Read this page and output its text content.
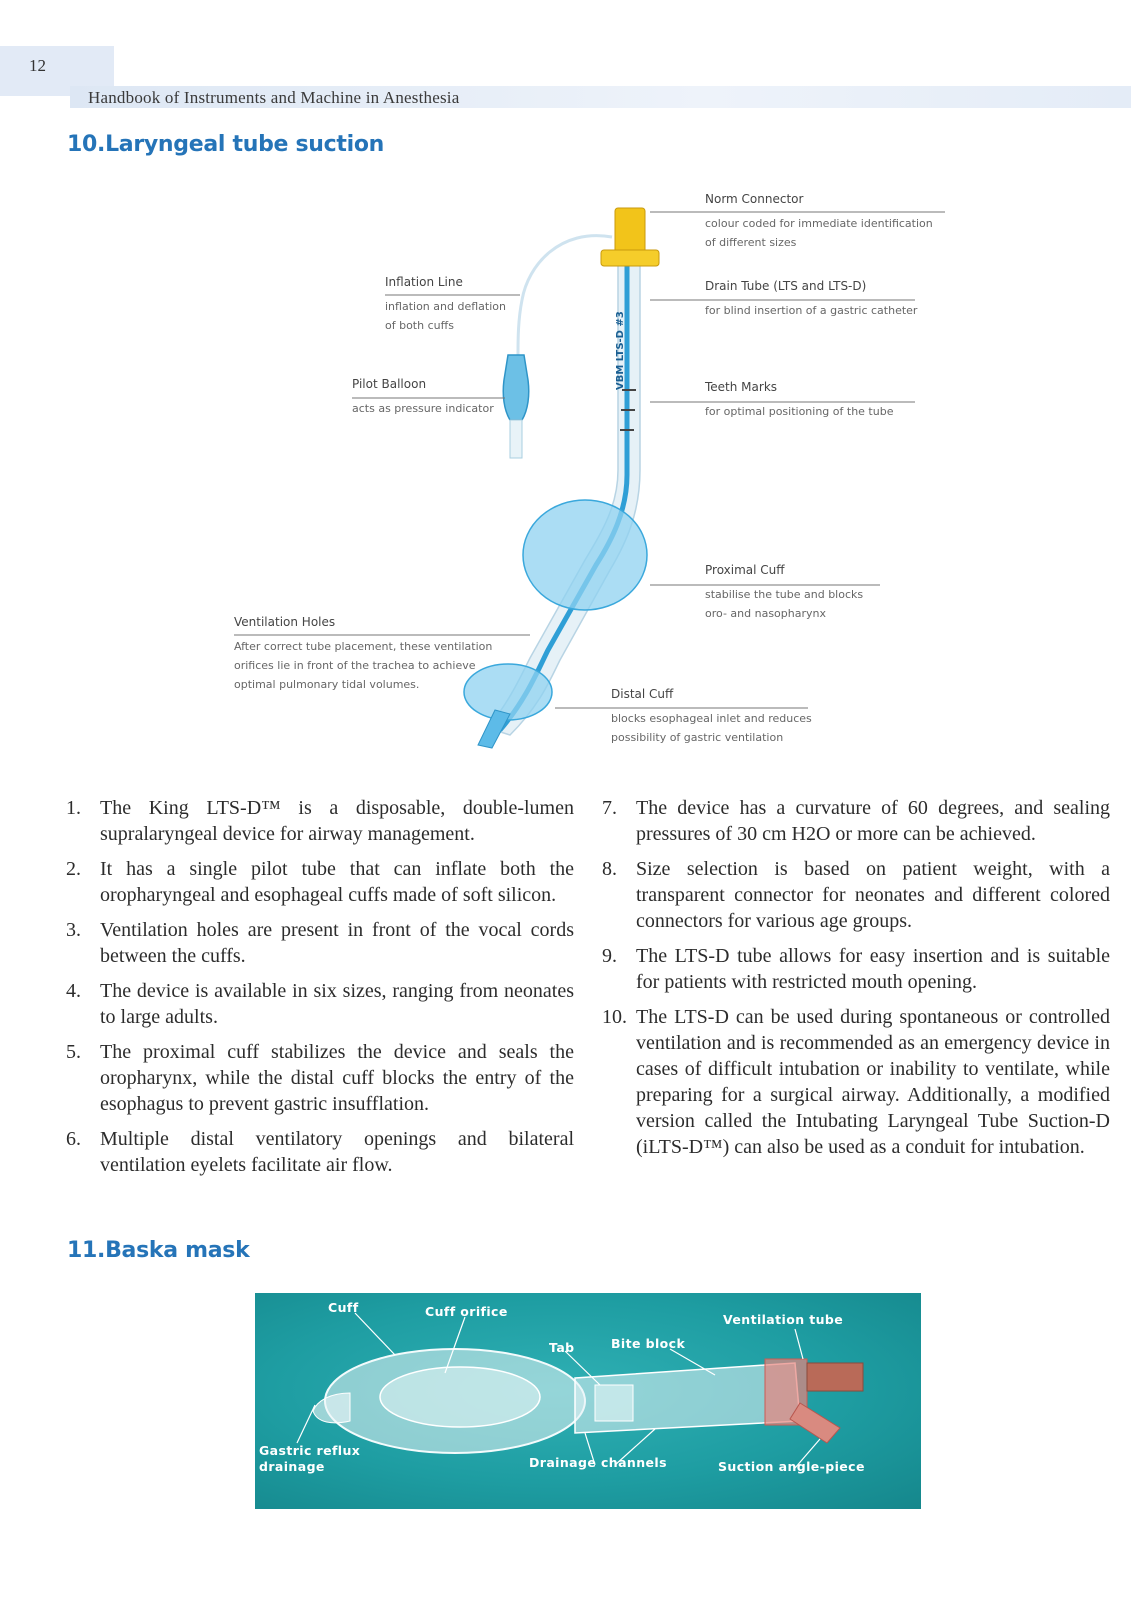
12
Handbook of Instruments and Machine in Anesthesia
10.Laryngeal tube suction
VBM LTS-D #3
Norm Connector
colour coded for immediate identification
of different sizes
Drain Tube (LTS and LTS-D)
for blind insertion of a gastric catheter
Teeth Marks
for optimal positioning of the tube
Inflation Line
inflation and deflation
of both cuffs
Pilot Balloon
acts as pressure indicator
Proximal Cuff
stabilise the tube and blocks
oro- and nasopharynx
Ventilation Holes
After correct tube placement, these ventilation
orifices lie in front of the trachea to achieve
optimal pulmonary tidal volumes.
Distal Cuff
blocks esophageal inlet and reduces
possibility of gastric ventilation
1. The King LTS-D™ is a disposable, double-lumen supralaryngeal device for airway management.
2. It has a single pilot tube that can inflate both the oropharyngeal and esophageal cuffs made of soft silicon.
3. Ventilation holes are present in front of the vocal cords between the cuffs.
4. The device is available in six sizes, ranging from neonates to large adults.
5. The proximal cuff stabilizes the device and seals the oropharynx, while the distal cuff blocks the entry of the esophagus to prevent gastric insufflation.
6. Multiple distal ventilatory openings and bilateral ventilation eyelets facilitate air flow.
7. The device has a curvature of 60 degrees, and sealing pressures of 30 cm H2O or more can be achieved.
8. Size selection is based on patient weight, with a transparent connector for neonates and different colored connectors for various age groups.
9. The LTS-D tube allows for easy insertion and is suitable for patients with restricted mouth opening.
10. The LTS-D can be used during spontaneous or controlled ventilation and is recommended as an emergency device in cases of difficult intubation or inability to ventilate, while preparing for a surgical airway. Additionally, a modified version called the Intubating Laryngeal Tube Suction-D (iLTS-D™) can also be used as a conduit for intubation.
11.Baska mask
Cuff	Cuff orifice
Tab	Bite block
Ventilation tube
Gastric reflux
drainage	Drainage channels	Suction angle-piece
